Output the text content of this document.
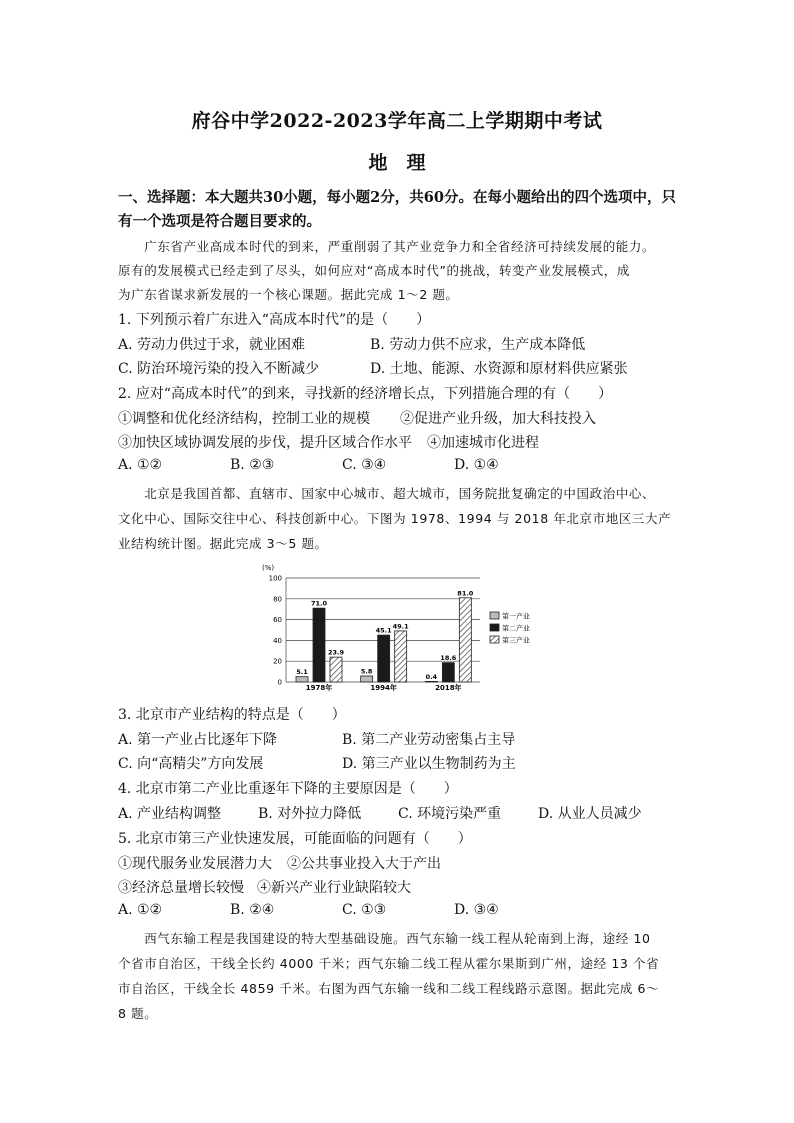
府谷中学2022-2023学年高二上学期期中考试
地　理
一、选择题：本大题共30小题，每小题2分，共60分。在每小题给出的四个选项中，只
有一个选项是符合题目要求的。
　　广东省产业高成本时代的到来，严重削弱了其产业竞争力和全省经济可持续发展的能力。
原有的发展模式已经走到了尽头，如何应对“高成本时代”的挑战，转变产业发展模式，成
为广东省谋求新发展的一个核心课题。据此完成 1～2 题。
1. 下列预示着广东进入“高成本时代”的是（　　）
A. 劳动力供过于求，就业困难	B. 劳动力供不应求，生产成本降低
C. 防治环境污染的投入不断减少	D. 土地、能源、水资源和原材料供应紧张
2. 应对“高成本时代”的到来，寻找新的经济增长点，下列措施合理的有（　　）
①调整和优化经济结构，控制工业的规模 ②促进产业升级，加大科技投入
③加快区域协调发展的步伐，提升区域合作水平 ④加速城市化进程
A. ①②	B. ②③	C. ③④	D. ①④
　　北京是我国首都、直辖市、国家中心城市、超大城市，国务院批复确定的中国政治中心、
文化中心、国际交往中心、科技创新中心。下图为 1978、1994 与 2018 年北京市地区三大产
业结构统计图。据此完成 3～5 题。
(%)
0
20
40
60
80
100
5.1
71.0
23.9
1978年
5.8
45.1
49.1
1994年
0.4
18.6
81.0
2018年
第一产业
第二产业
第三产业
3. 北京市产业结构的特点是（　　）
A. 第一产业占比逐年下降	B. 第二产业劳动密集占主导
C. 向“高精尖”方向发展	D. 第三产业以生物制药为主
4. 北京市第二产业比重逐年下降的主要原因是（　　）
A. 产业结构调整	B. 对外拉力降低	C. 环境污染严重	D. 从业人员减少
5. 北京市第三产业快速发展，可能面临的问题有（　　）
①现代服务业发展潜力大 ②公共事业投入大于产出
③经济总量增长较慢 ④新兴产业行业缺陷较大
A. ①②	B. ②④	C. ①③	D. ③④
　　西气东输工程是我国建设的特大型基础设施。西气东输一线工程从轮南到上海，途经 10
个省市自治区，干线全长约 4000 千米；西气东输二线工程从霍尔果斯到广州，途经 13 个省
市自治区，干线全长 4859 千米。右图为西气东输一线和二线工程线路示意图。据此完成 6～
8 题。
